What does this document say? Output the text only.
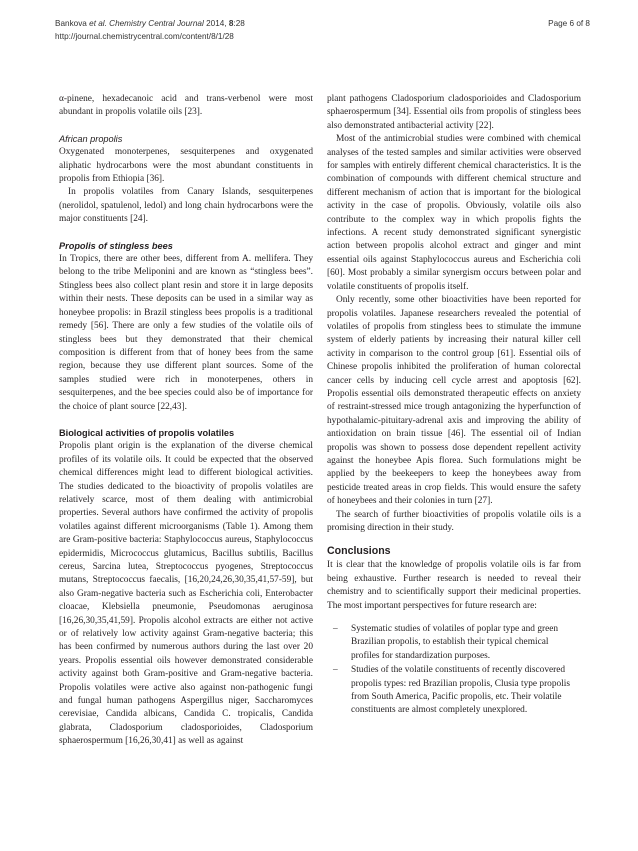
Bankova et al. Chemistry Central Journal 2014, 8:28
http://journal.chemistrycentral.com/content/8/1/28
Page 6 of 8

α-pinene, hexadecanoic acid and trans-verbenol were most abundant in propolis volatile oils [23].

African propolis

Oxygenated monoterpenes, sesquiterpenes and oxygenated aliphatic hydrocarbons were the most abundant constituents in propolis from Ethiopia [36].

In propolis volatiles from Canary Islands, sesquiterpenes (nerolidol, spatulenol, ledol) and long chain hydrocarbons were the major constituents [24].

Propolis of stingless bees

In Tropics, there are other bees, different from A. mellifera. They belong to the tribe Meliponini and are known as “stingless bees”. Stingless bees also collect plant resin and store it in large deposits within their nests. These deposits can be used in a similar way as honeybee propolis: in Brazil stingless bees propolis is a traditional remedy [56]. There are only a few studies of the volatile oils of stingless bees but they demonstrated that their chemical composition is different from that of honey bees from the same region, because they use different plant sources. Some of the samples studied were rich in monoterpenes, others in sesquiterpenes, and the bee species could also be of importance for the choice of plant source [22,43].

Biological activities of propolis volatiles

Propolis plant origin is the explanation of the diverse chemical profiles of its volatile oils. It could be expected that the observed chemical differences might lead to different biological activities. The studies dedicated to the bioactivity of propolis volatiles are relatively scarce, most of them dealing with antimicrobial properties. Several authors have confirmed the activity of propolis volatiles against different microorganisms (Table 1). Among them are Gram-positive bacteria: Staphylococcus aureus, Staphylococcus epidermidis, Micrococcus glutamicus, Bacillus subtilis, Bacillus cereus, Sarcina lutea, Streptococcus pyogenes, Streptococcus mutans, Streptococcus faecalis, [16,20,24,26,30,35,41,57-59], but also Gram-negative bacteria such as Escherichia coli, Enterobacter cloacae, Klebsiella pneumonie, Pseudomonas aeruginosa [16,26,30,35,41,59]. Propolis alcohol extracts are either not active or of relatively low activity against Gram-negative bacteria; this has been confirmed by numerous authors during the last over 20 years. Propolis essential oils however demonstrated considerable activity against both Gram-positive and Gram-negative bacteria. Propolis volatiles were active also against non-pathogenic fungi and fungal human pathogens Aspergillus niger, Saccharomyces cerevisiae, Candida albicans, Candida C. tropicalis, Candida glabrata, Cladosporium cladosporioides, Cladosporium sphaerospermum [16,26,30,41] as well as against

plant pathogens Cladosporium cladosporioides and Cladosporium sphaerospermum [34]. Essential oils from propolis of stingless bees also demonstrated antibacterial activity [22].

Most of the antimicrobial studies were combined with chemical analyses of the tested samples and similar activities were observed for samples with entirely different chemical characteristics. It is the combination of compounds with different chemical structure and different mechanism of action that is important for the biological activity in the case of propolis. Obviously, volatile oils also contribute to the complex way in which propolis fights the infections. A recent study demonstrated significant synergistic action between propolis alcohol extract and ginger and mint essential oils against Staphylococcus aureus and Escherichia coli [60]. Most probably a similar synergism occurs between polar and volatile constituents of propolis itself.

Only recently, some other bioactivities have been reported for propolis volatiles. Japanese researchers revealed the potential of volatiles of propolis from stingless bees to stimulate the immune system of elderly patients by increasing their natural killer cell activity in comparison to the control group [61]. Essential oils of Chinese propolis inhibited the proliferation of human colorectal cancer cells by inducing cell cycle arrest and apoptosis [62]. Propolis essential oils demonstrated therapeutic effects on anxiety of restraint-stressed mice trough antagonizing the hyperfunction of hypothalamic-pituitary-adrenal axis and improving the ability of antioxidation on brain tissue [46]. The essential oil of Indian propolis was shown to possess dose dependent repellent activity against the honeybee Apis florea. Such formulations might be applied by the beekeepers to keep the honeybees away from pesticide treated areas in crop fields. This would ensure the safety of honeybees and their colonies in turn [27].

The search of further bioactivities of propolis volatile oils is a promising direction in their study.

Conclusions

It is clear that the knowledge of propolis volatile oils is far from being exhaustive. Further research is needed to reveal their chemistry and to scientifically support their medicinal properties. The most important perspectives for future research are:

– Systematic studies of volatiles of poplar type and green Brazilian propolis, to establish their typical chemical profiles for standardization purposes.
– Studies of the volatile constituents of recently discovered propolis types: red Brazilian propolis, Clusia type propolis from South America, Pacific propolis, etc. Their volatile constituents are almost completely unexplored.
